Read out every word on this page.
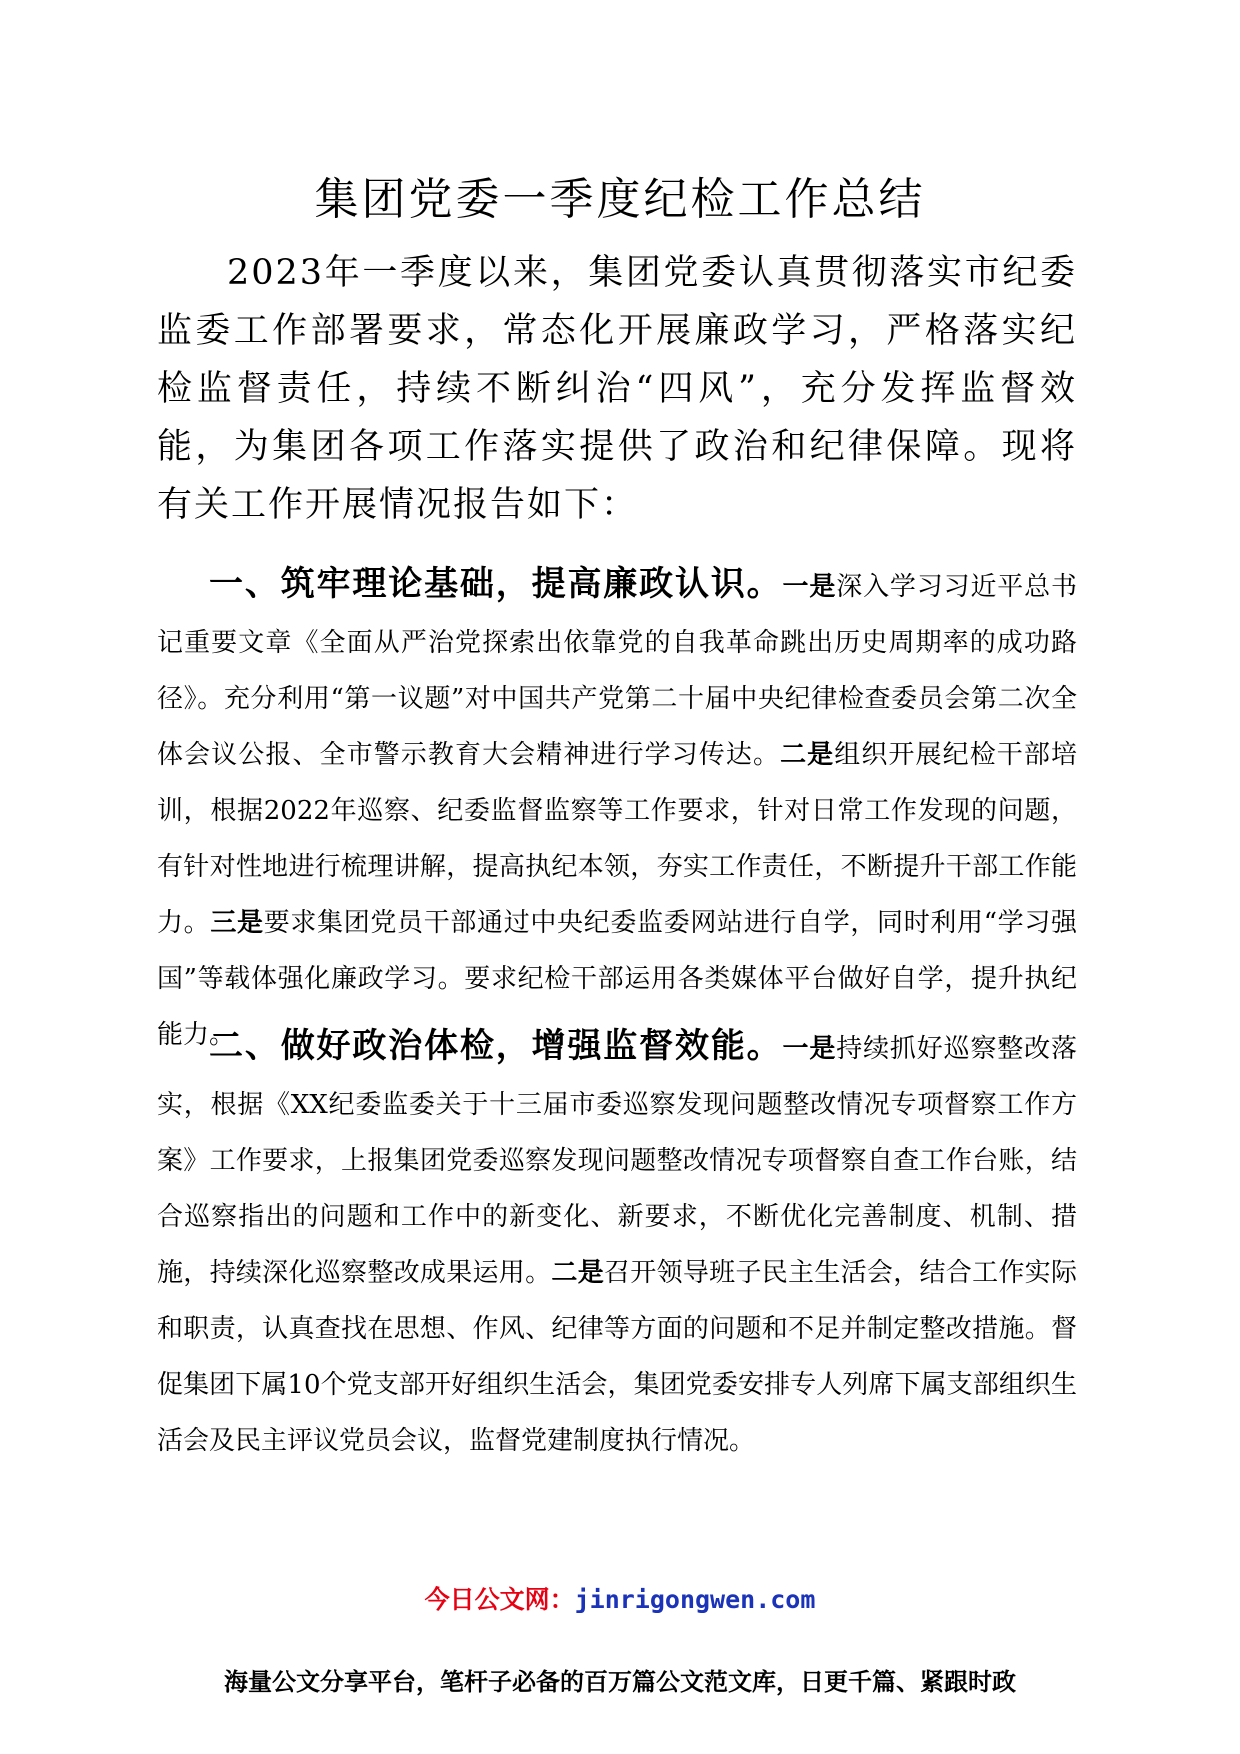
集团党委一季度纪检工作总结

2023年一季度以来，集团党委认真贯彻落实市纪委监委工作部署要求，常态化开展廉政学习，严格落实纪检监督责任，持续不断纠治“四风”，充分发挥监督效能，为集团各项工作落实提供了政治和纪律保障。现将有关工作开展情况报告如下：

一、筑牢理论基础，提高廉政认识。一是深入学习习近平总书记重要文章《全面从严治党探索出依靠党的自我革命跳出历史周期率的成功路径》。充分利用“第一议题”对中国共产党第二十届中央纪律检查委员会第二次全体会议公报、全市警示教育大会精神进行学习传达。二是组织开展纪检干部培训，根据2022年巡察、纪委监督监察等工作要求，针对日常工作发现的问题，有针对性地进行梳理讲解，提高执纪本领，夯实工作责任，不断提升干部工作能力。三是要求集团党员干部通过中央纪委监委网站进行自学，同时利用“学习强国”等载体强化廉政学习。要求纪检干部运用各类媒体平台做好自学，提升执纪能力。

二、做好政治体检，增强监督效能。一是持续抓好巡察整改落实，根据《XX纪委监委关于十三届市委巡察发现问题整改情况专项督察工作方案》工作要求，上报集团党委巡察发现问题整改情况专项督察自查工作台账，结合巡察指出的问题和工作中的新变化、新要求，不断优化完善制度、机制、措施，持续深化巡察整改成果运用。二是召开领导班子民主生活会，结合工作实际和职责，认真查找在思想、作风、纪律等方面的问题和不足并制定整改措施。督促集团下属10个党支部开好组织生活会，集团党委安排专人列席下属支部组织生活会及民主评议党员会议，监督党建制度执行情况。

今日公文网：jinrigongwen.com

海量公文分享平台，笔杆子必备的百万篇公文范文库，日更千篇、紧跟时政
